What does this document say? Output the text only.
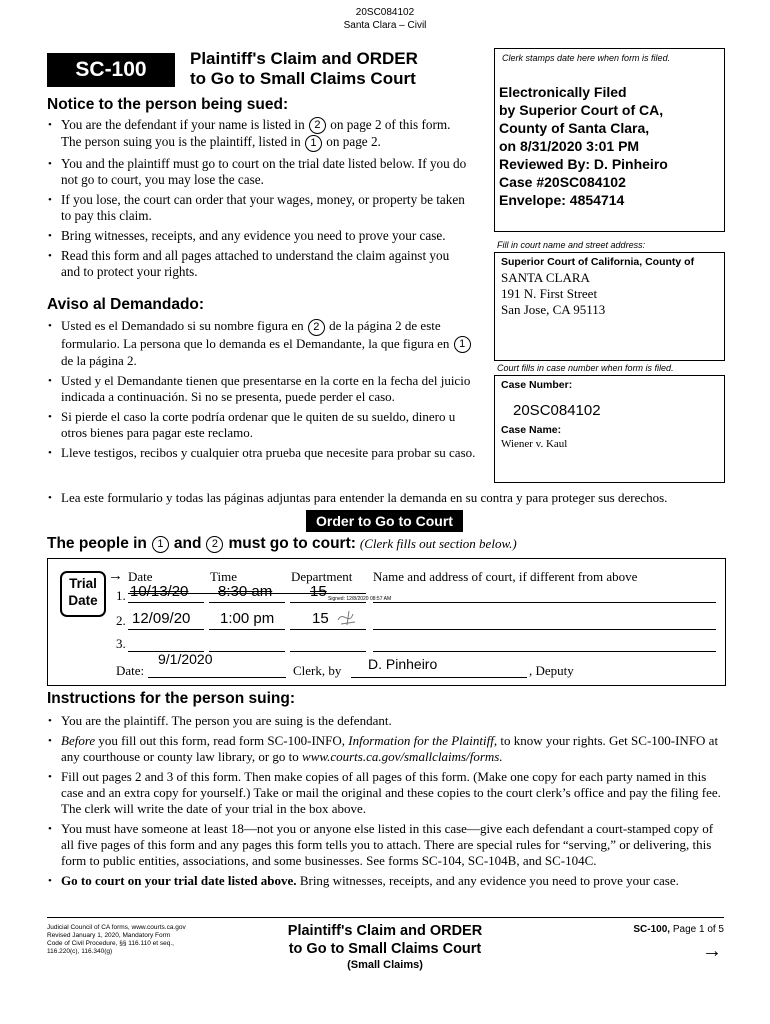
20SC084102
Santa Clara – Civil
SC-100	Plaintiff's Claim and ORDER
to Go to Small Claims Court
Clerk stamps date here when form is filed.
Electronically Filed
by Superior Court of CA,
County of Santa Clara,
on 8/31/2020 3:01 PM
Reviewed By: D. Pinheiro
Case #20SC084102
Envelope: 4854714
Fill in court name and street address:
Superior Court of California, County of
SANTA CLARA
191 N. First Street
San Jose, CA 95113
Court fills in case number when form is filed.
Case Number:
20SC084102
Case Name:
Wiener v. Kaul
Notice to the person being sued:
• You are the defendant if your name is listed in 2 on page 2 of this form. The person suing you is the plaintiff, listed in 1 on page 2.
• You and the plaintiff must go to court on the trial date listed below. If you do not go to court, you may lose the case.
• If you lose, the court can order that your wages, money, or property be taken to pay this claim.
• Bring witnesses, receipts, and any evidence you need to prove your case.
• Read this form and all pages attached to understand the claim against you and to protect your rights.
Aviso al Demandado:
• Usted es el Demandado si su nombre figura en 2 de la página 2 de este formulario. La persona que lo demanda es el Demandante, la que figura en 1 de la página 2.
• Usted y el Demandante tienen que presentarse en la corte en la fecha del juicio indicada a continuación. Si no se presenta, puede perder el caso.
• Si pierde el caso la corte podría ordenar que le quiten de su sueldo, dinero u otros bienes para pagar este reclamo.
• Lleve testigos, recibos y cualquier otra prueba que necesite para probar su caso.
• Lea este formulario y todas las páginas adjuntas para entender la demanda en su contra y para proteger sus derechos.
Order to Go to Court
The people in 1 and 2 must go to court: (Clerk fills out section below.)
Trial
Date
→ Date	Time	Department Name and address of court, if different from above
1. 10/13/20 8:30 am	15 Signed: 12/8/2020 08:57 AM
2. 12/09/20 1:00 pm	15
3.
Date:
9/1/2020
Clerk, by D. Pinheiro	, Deputy
Instructions for the person suing:
• You are the plaintiff. The person you are suing is the defendant.
• Before you fill out this form, read form SC-100-INFO, Information for the Plaintiff, to know your rights. Get SC-100-INFO at any courthouse or county law library, or go to www.courts.ca.gov/smallclaims/forms.
• Fill out pages 2 and 3 of this form. Then make copies of all pages of this form. (Make one copy for each party named in this case and an extra copy for yourself.) Take or mail the original and these copies to the court clerk’s office and pay the filing fee. The clerk will write the date of your trial in the box above.
• You must have someone at least 18—not you or anyone else listed in this case—give each defendant a court-stamped copy of all five pages of this form and any pages this form tells you to attach. There are special rules for “serving,” or delivering, this form to public entities, associations, and some businesses. See forms SC-104, SC-104B, and SC-104C.
• Go to court on your trial date listed above. Bring witnesses, receipts, and any evidence you need to prove your case.
Judicial Council of CA forms, www.courts.ca.gov
Revised January 1, 2020, Mandatory Form
Code of Civil Procedure, §§ 116.110 et seq.,
116.220(c), 116.340(g)
Plaintiff's Claim and ORDER
to Go to Small Claims Court
(Small Claims)
SC-100, Page 1 of 5
→
